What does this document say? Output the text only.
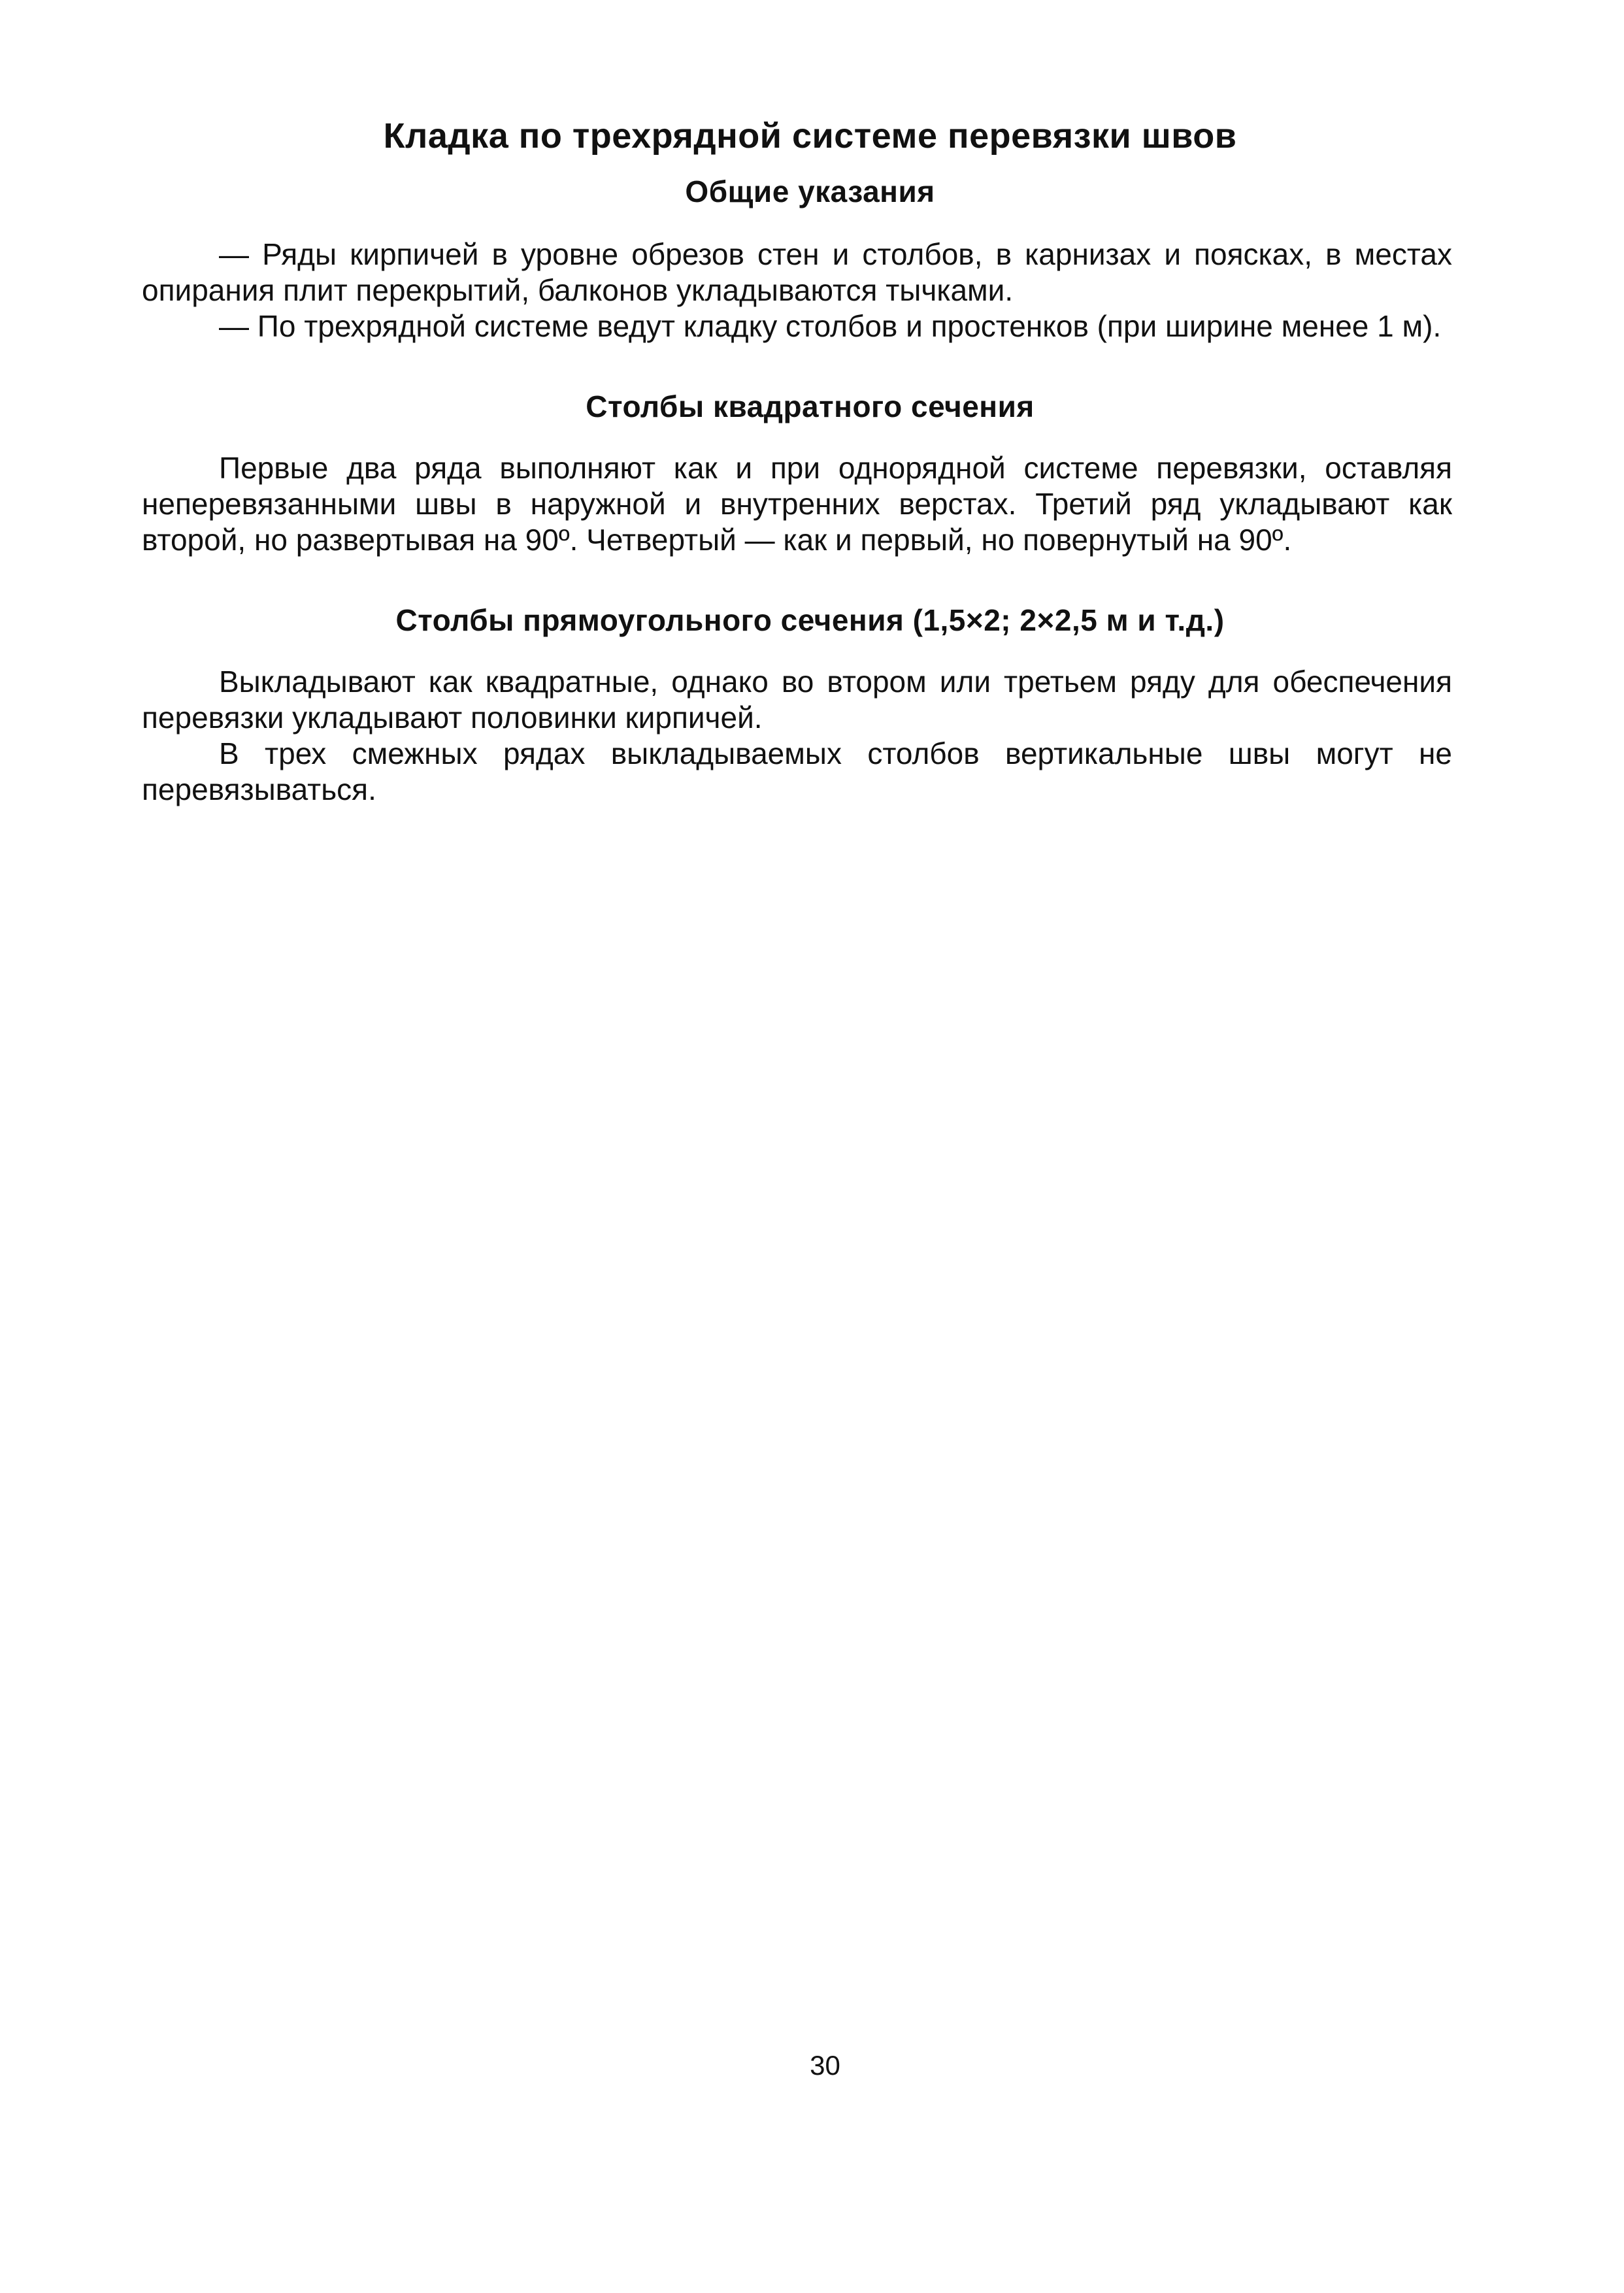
Кладка по трехрядной системе перевязки швов
Общие указания

— Ряды кирпичей в уровне обрезов стен и столбов, в карнизах и поясках, в местах опирания плит перекрытий, балконов укладываются тычками.

— По трехрядной системе ведут кладку столбов и простенков (при ширине менее 1 м).

Столбы квадратного сечения

Первые два ряда выполняют как и при однорядной системе перевязки, оставляя неперевязанными швы в наружной и внутренних верстах. Третий ряд укладывают как второй, но развертывая на 90º. Четвертый — как и первый, но повернутый на 90º.

Столбы прямоугольного сечения (1,5×2; 2×2,5 м и т.д.)

Выкладывают как квадратные, однако во втором или третьем ряду для обеспечения перевязки укладывают половинки кирпичей.

В трех смежных рядах выкладываемых столбов вертикальные швы могут не перевязываться.

30
